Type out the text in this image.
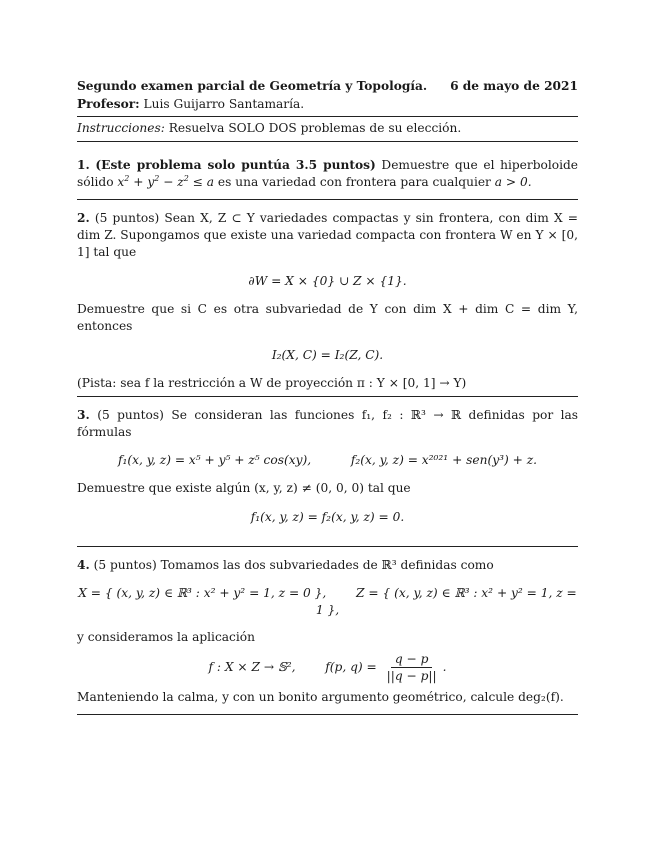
Segundo examen parcial de Geometría y Topología. 6 de mayo de 2021
Profesor: Luis Guijarro Santamaría.
Instrucciones: Resuelva SOLO DOS problemas de su elección.

1. (Este problema solo puntúa 3.5 puntos) Demuestre que el hiperboloide sólido $x^2 + y^2 - z^2 \le a$ es una variedad con frontera para cualquier a > 0.

2. (5 puntos) Sean X, Z ⊂ Y variedades compactas y sin frontera, con dim X = dim Z. Supongamos que existe una variedad compacta con frontera W en Y × [0, 1] tal que

∂W = X × {0} ∪ Z × {1}.

Demuestre que si C es otra subvariedad de Y con dim X + dim C = dim Y, entonces

I₂(X, C) = I₂(Z, C).

(Pista: sea f la restricción a W de proyección π : Y × [0, 1] → Y)

3. (5 puntos) Se consideran las funciones f₁, f₂ : ℝ³ → ℝ definidas por las fórmulas

f₁(x, y, z) = x⁵ + y⁵ + z⁵ cos(xy),	f₂(x, y, z) = x²⁰²¹ + sen(y³) + z.

Demuestre que existe algún (x, y, z) ≠ (0, 0, 0) tal que

f₁(x, y, z) = f₂(x, y, z) = 0.

4. (5 puntos) Tomamos las dos subvariedades de ℝ³ definidas como

X = { (x, y, z) ∈ ℝ³ : x² + y² = 1, z = 0 }, Z = { (x, y, z) ∈ ℝ³ : x² + y² = 1, z = 1 },

y consideramos la aplicación

f : X × Z → 𝕊², f(p, $q) = \frac{q - p}{||q - p||}$ .

Manteniendo la calma, y con un bonito argumento geométrico, calcule deg₂(f).
